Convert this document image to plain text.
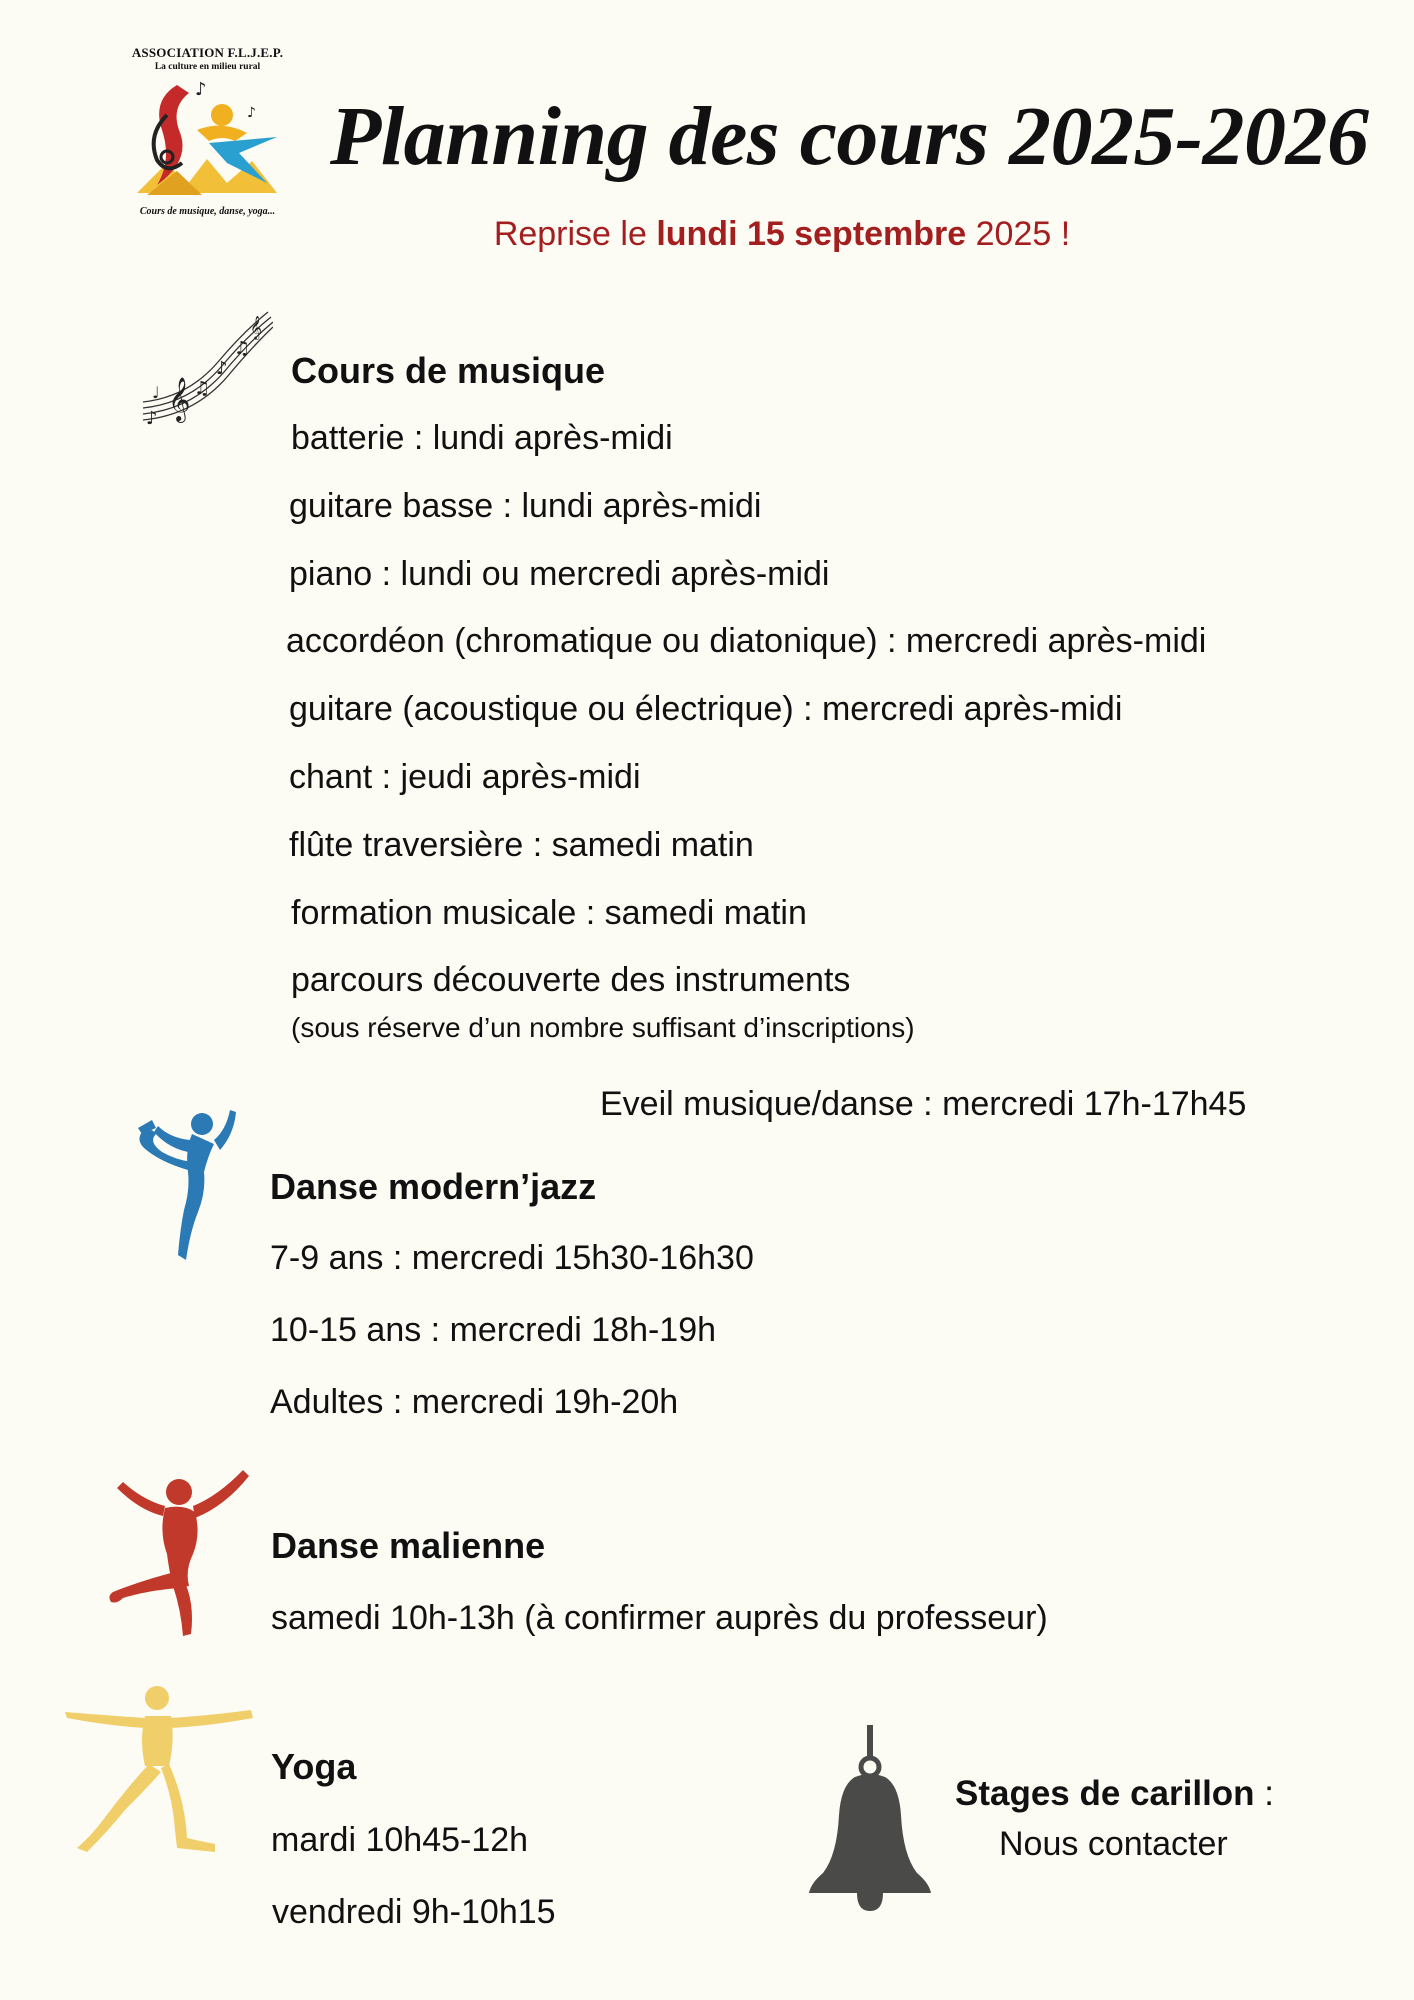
ASSOCIATION F.L.J.E.P.
La culture en milieu rural
♪
♪
Cours de musique, danse, yoga...
Planning des cours 2025-2026
Reprise le lundi 15 septembre 2025 !
𝄞
♪
♫
♪
♫
𝄞
♩
Cours de musique
batterie : lundi après-midi
guitare basse : lundi après-midi
piano : lundi ou mercredi après-midi
accordéon (chromatique ou diatonique) : mercredi après-midi
guitare (acoustique ou électrique) : mercredi après-midi
chant : jeudi après-midi
flûte traversière : samedi matin
formation musicale : samedi matin
parcours découverte des instruments
(sous réserve d’un nombre suffisant d’inscriptions)
Eveil musique/danse : mercredi 17h-17h45
Danse modern’jazz
7-9 ans : mercredi 15h30-16h30
10-15 ans : mercredi 18h-19h
Adultes : mercredi 19h-20h
Danse malienne
samedi 10h-13h (à confirmer auprès du professeur)
Yoga
mardi 10h45-12h
vendredi 9h-10h15
Stages de carillon :
Nous contacter
